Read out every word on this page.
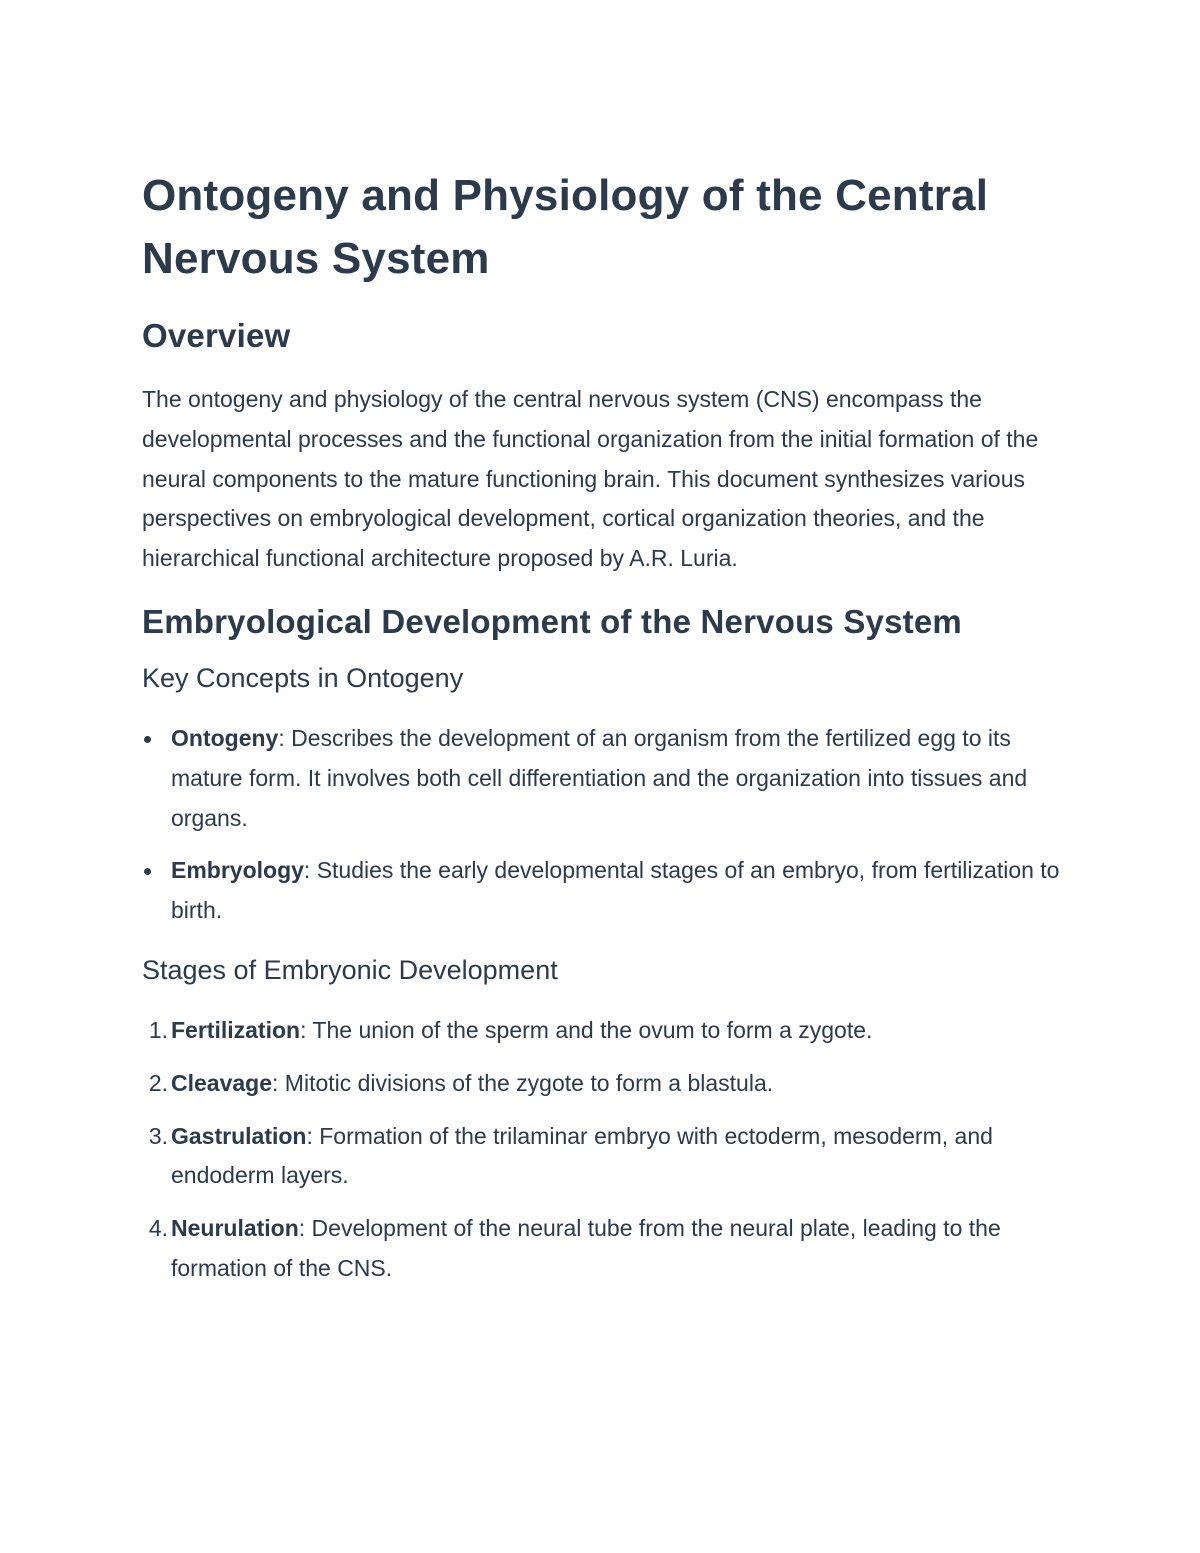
Ontogeny and Physiology of the Central Nervous System
Overview

The ontogeny and physiology of the central nervous system (CNS) encompass the developmental processes and the functional organization from the initial formation of the neural components to the mature functioning brain. This document synthesizes various perspectives on embryological development, cortical organization theories, and the hierarchical functional architecture proposed by A.R. Luria.

Embryological Development of the Nervous System
Key Concepts in Ontogeny
Ontogeny: Describes the development of an organism from the fertilized egg to its mature form. It involves both cell differentiation and the organization into tissues and organs.
Embryology: Studies the early developmental stages of an embryo, from fertilization to birth.
Stages of Embryonic Development
1. Fertilization: The union of the sperm and the ovum to form a zygote.
2. Cleavage: Mitotic divisions of the zygote to form a blastula.
3. Gastrulation: Formation of the trilaminar embryo with ectoderm, mesoderm, and endoderm layers.
4. Neurulation: Development of the neural tube from the neural plate, leading to the formation of the CNS.
